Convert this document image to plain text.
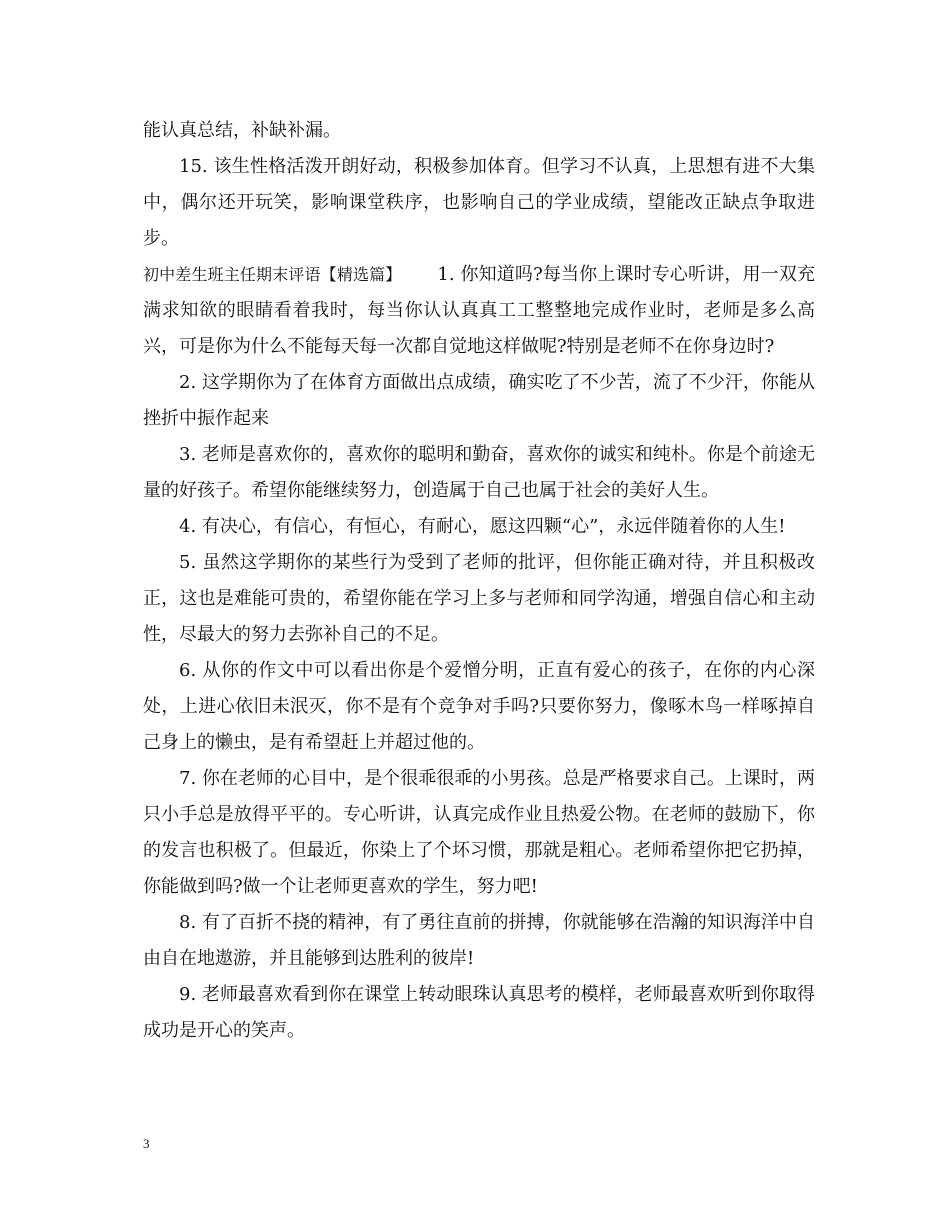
能认真总结，补缺补漏。

15. 该生性格活泼开朗好动，积极参加体育。但学习不认真，上思想有进不大集中，偶尔还开玩笑，影响课堂秩序，也影响自己的学业成绩，望能改正缺点争取进步。

初中差生班主任期末评语【精选篇】 1. 你知道吗?每当你上课时专心听讲，用一双充满求知欲的眼睛看着我时，每当你认认真真工工整整地完成作业时，老师是多么高兴，可是你为什么不能每天每一次都自觉地这样做呢?特别是老师不在你身边时?

2. 这学期你为了在体育方面做出点成绩，确实吃了不少苦，流了不少汗，你能从挫折中振作起来

3. 老师是喜欢你的，喜欢你的聪明和勤奋，喜欢你的诚实和纯朴。你是个前途无量的好孩子。希望你能继续努力，创造属于自己也属于社会的美好人生。

4. 有决心，有信心，有恒心，有耐心，愿这四颗“心”，永远伴随着你的人生!

5. 虽然这学期你的某些行为受到了老师的批评，但你能正确对待，并且积极改正，这也是难能可贵的，希望你能在学习上多与老师和同学沟通，增强自信心和主动性，尽最大的努力去弥补自己的不足。

6. 从你的作文中可以看出你是个爱憎分明，正直有爱心的孩子，在你的内心深处，上进心依旧未泯灭，你不是有个竞争对手吗?只要你努力，像啄木鸟一样啄掉自己身上的懒虫，是有希望赶上并超过他的。

7. 你在老师的心目中，是个很乖很乖的小男孩。总是严格要求自己。上课时，两只小手总是放得平平的。专心听讲，认真完成作业且热爱公物。在老师的鼓励下，你的发言也积极了。但最近，你染上了个坏习惯，那就是粗心。老师希望你把它扔掉，你能做到吗?做一个让老师更喜欢的学生，努力吧!

8. 有了百折不挠的精神，有了勇往直前的拼搏，你就能够在浩瀚的知识海洋中自由自在地遨游，并且能够到达胜利的彼岸!

9. 老师最喜欢看到你在课堂上转动眼珠认真思考的模样，老师最喜欢听到你取得成功是开心的笑声。

3
